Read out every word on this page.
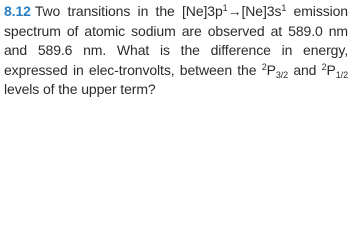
8.12 Two transitions in the $[Ne]3p^1\to[Ne]3s^1$ emission spectrum of atomic sodium are observed at 589.0 nm and 589.6 nm. What is the difference in energy, expressed in elec-tronvolts, between the $^2P_{3/2}$ and $^2P_{1/2}$ levels of the upper term?
